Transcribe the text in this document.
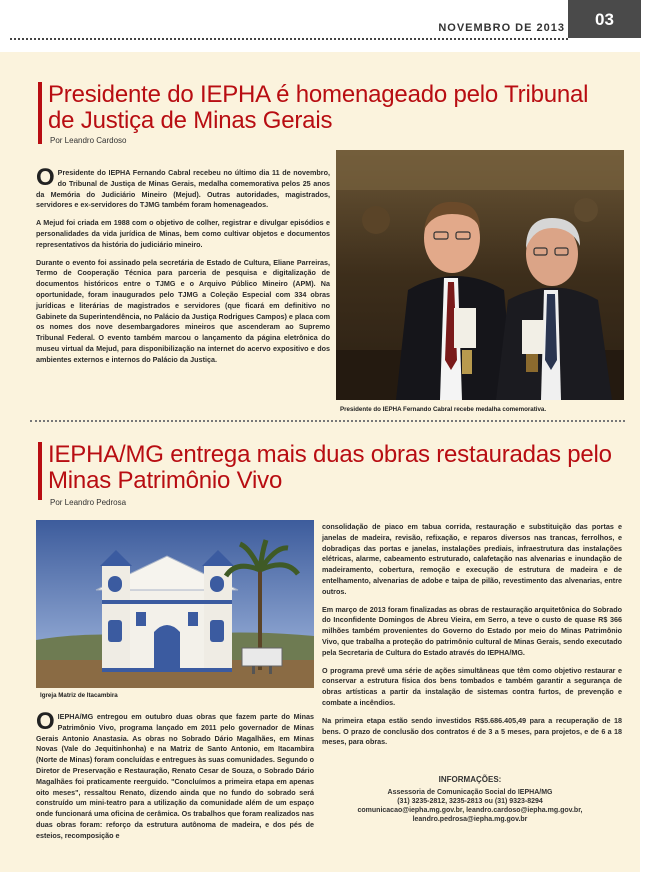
NOVEMBRO DE 2013	03
Presidente do IEPHA é homenageado pelo Tribunal
de Justiça de Minas Gerais
Por Leandro Cardoso

O Presidente do IEPHA Fernando Cabral recebeu no último dia 11 de novembro, do Tribunal de Justiça de Minas Gerais, medalha comemorativa pelos 25 anos da Memória do Judiciário Mineiro (Mejud). Outras autoridades, magistrados, servidores e ex-servidores do TJMG também foram homenageados.

A Mejud foi criada em 1988 com o objetivo de colher, registrar e divulgar episódios e personalidades da vida jurídica de Minas, bem como cultivar objetos e documentos representativos da história do judiciário mineiro.

Durante o evento foi assinado pela secretária de Estado de Cultura, Eliane Parreiras, Termo de Cooperação Técnica para parceria de pesquisa e digitalização de documentos históricos entre o TJMG e o Arquivo Público Mineiro (APM). Na oportunidade, foram inaugurados pelo TJMG a Coleção Especial com 334 obras jurídicas e literárias de magistrados e servidores (que ficará em definitivo no Gabinete da Superintendência, no Palácio da Justiça Rodrigues Campos) e placa com os nomes dos nove desembargadores mineiros que ascenderam ao Supremo Tribunal Federal. O evento também marcou o lançamento da página eletrônica do museu virtual da Mejud, para disponibilização na internet do acervo expositivo e dos ambientes externos e internos do Palácio da Justiça.

Presidente do IEPHA Fernando Cabral recebe medalha comemorativa.
IEPHA/MG entrega mais duas obras restauradas pelo
Minas Patrimônio Vivo
Por Leandro Pedrosa
Igreja Matriz de Itacambira

OIEPHA/MG entregou em outubro duas obras que fazem parte do Minas Patrimônio Vivo, programa lançado em 2011 pelo governador de Minas Gerais Antonio Anastasia. As obras no Sobrado Dário Magalhães, em Minas Novas (Vale do Jequitinhonha) e na Matriz de Santo Antonio, em Itacambira (Norte de Minas) foram concluídas e entregues às suas comunidades. Segundo o Diretor de Preservação e Restauração, Renato Cesar de Souza, o Sobrado Dário Magalhães foi praticamente reerguido. "Concluímos a primeira etapa em apenas oito meses", ressaltou Renato, dizendo ainda que no fundo do sobrado será construído um mini-teatro para a utilização da comunidade além de um espaço onde funcionará uma oficina de cerâmica. Os trabalhos que foram realizados nas duas obras foram: reforço da estrutura autônoma de madeira, e dos pés de esteios, recomposição e

consolidação de piaco em tabua corrida, restauração e substituição das portas e janelas de madeira, revisão, refixação, e reparos diversos nas trancas, ferrolhos, e dobradiças das portas e janelas, instalações prediais, infraestrutura das instalações elétricas, alarme, cabeamento estruturado, calafetação nas alvenarias e inundação de madeiramento, cobertura, remoção e execução de estrutura de madeira e de entelhamento, alvenarias de adobe e taipa de pilão, revestimento das alvenarias, entre outros.

Em março de 2013 foram finalizadas as obras de restauração arquitetônica do Sobrado do Inconfidente Domingos de Abreu Vieira, em Serro, a teve o custo de quase R$ 366 milhões também provenientes do Governo do Estado por meio do Minas Patrimônio Vivo, que trabalha a proteção do patrimônio cultural de Minas Gerais, sendo executado pela Secretaria de Cultura do Estado através do IEPHA/MG.

O programa prevê uma série de ações simultâneas que têm como objetivo restaurar e conservar a estrutura física dos bens tombados e também garantir a segurança de obras artísticas a partir da instalação de sistemas contra furtos, de prevenção e combate a incêndios.

Na primeira etapa estão sendo investidos R$5.686.405,49 para a recuperação de 18 bens. O prazo de conclusão dos contratos é de 3 a 5 meses, para projetos, e de 6 a 18 meses, para obras.

INFORMAÇÕES:
Assessoria de Comunicação Social do IEPHA/MG
(31) 3235-2812, 3235-2813 ou (31) 9323-8294
comunicacao@iepha.mg.gov.br, leandro.cardoso@iepha.mg.gov.br,
leandro.pedrosa@iepha.mg.gov.br
